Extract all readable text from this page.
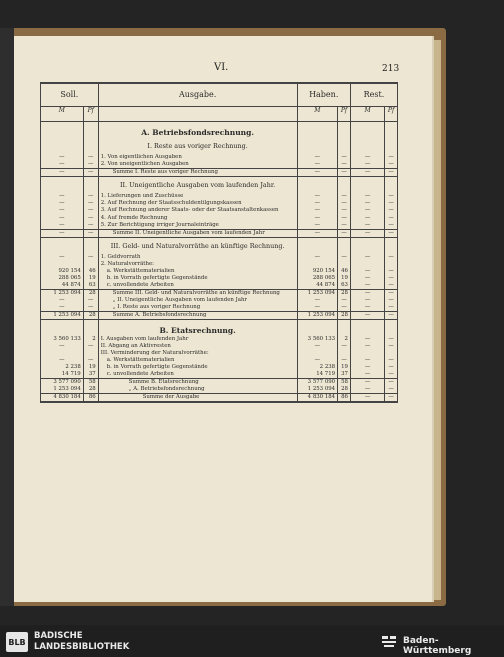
VI.	213
Soll.		Ausgabe.	Haben.		Rest.	
M	Pf		M	Pf	M	Pf
		A. Betriebsfondsrechnung.				
		I. Reste aus voriger Rechnung.				
—	—	1. Von eigentlichen Ausgaben	—	—	—	—
—	—	2. Von uneigentlichen Ausgaben	—	—	—	—
—	—	Summe I. Reste aus voriger Rechnung	—	—	—	—
		II. Uneigentliche Ausgaben vom laufenden Jahr.				
—	—	1. Lieferungen und Zuschüsse	—	—	—	—
—	—	2. Auf Rechnung der Staatsschuldentilgungskassen	—	—	—	—
—	—	3. Auf Rechnung anderer Staats- oder der Staatsanstaltenkassen	—	—	—	—
—	—	4. Auf fremde Rechnung	—	—	—	—
—	—	5. Zur Berichtigung irriger Journaleinträge	—	—	—	—
—	—	Summe II. Uneigentliche Ausgaben vom laufenden Jahr	—	—	—	—
		III. Geld- und Naturalvorräthe an künftige Rechnung.				
—	—	1. Geldvorrath	—	—	—	—
		2. Naturalvorräthe:				
920 154	46	a. Werkstättematerialien	920 154	46	—	—
288 065	19	b. in Vorrath gefertigte Gegenstände	288 065	19	—	—
44 874	63	c. unvollendete Arbeiten	44 874	63	—	—
1 253 094	28	Summe III. Geld- und Naturalvorräthe an künftige Rechnung	1 253 094	28	—	—
—	—	„ II. Uneigentliche Ausgaben vom laufenden Jahr	—	—	—	—
—	—	„ I. Reste aus voriger Rechnung	—	—	—	—
1 253 094	28	Summe A. Betriebsfondsrechnung	1 253 094	28	—	—
		B. Etatsrechnung.				
3 560 133	2	I. Ausgaben vom laufenden Jahr	3 560 133	2	—	—
—	—	II. Abgang an Aktivresten	—	—	—	—
		III. Verminderung der Naturalvorräthe:				
—	—	a. Werkstättematerialien	—	—	—	—
2 238	19	b. in Vorrath gefertigte Gegenstände	2 238	19	—	—
14 719	37	c. unvollendete Arbeiten	14 719	37	—	—
3 577 090	58	Summe B. Etatsrechnung	3 577 090	58	—	—
1 253 094	28	„ A. Betriebsfondsrechnung	1 253 094	28	—	—
4 830 184	86	Summe der Ausgabe	4 830 184	86	—	—
BLB
BADISCHE
LANDESBIBLIOTHEK
Baden-Württemberg
